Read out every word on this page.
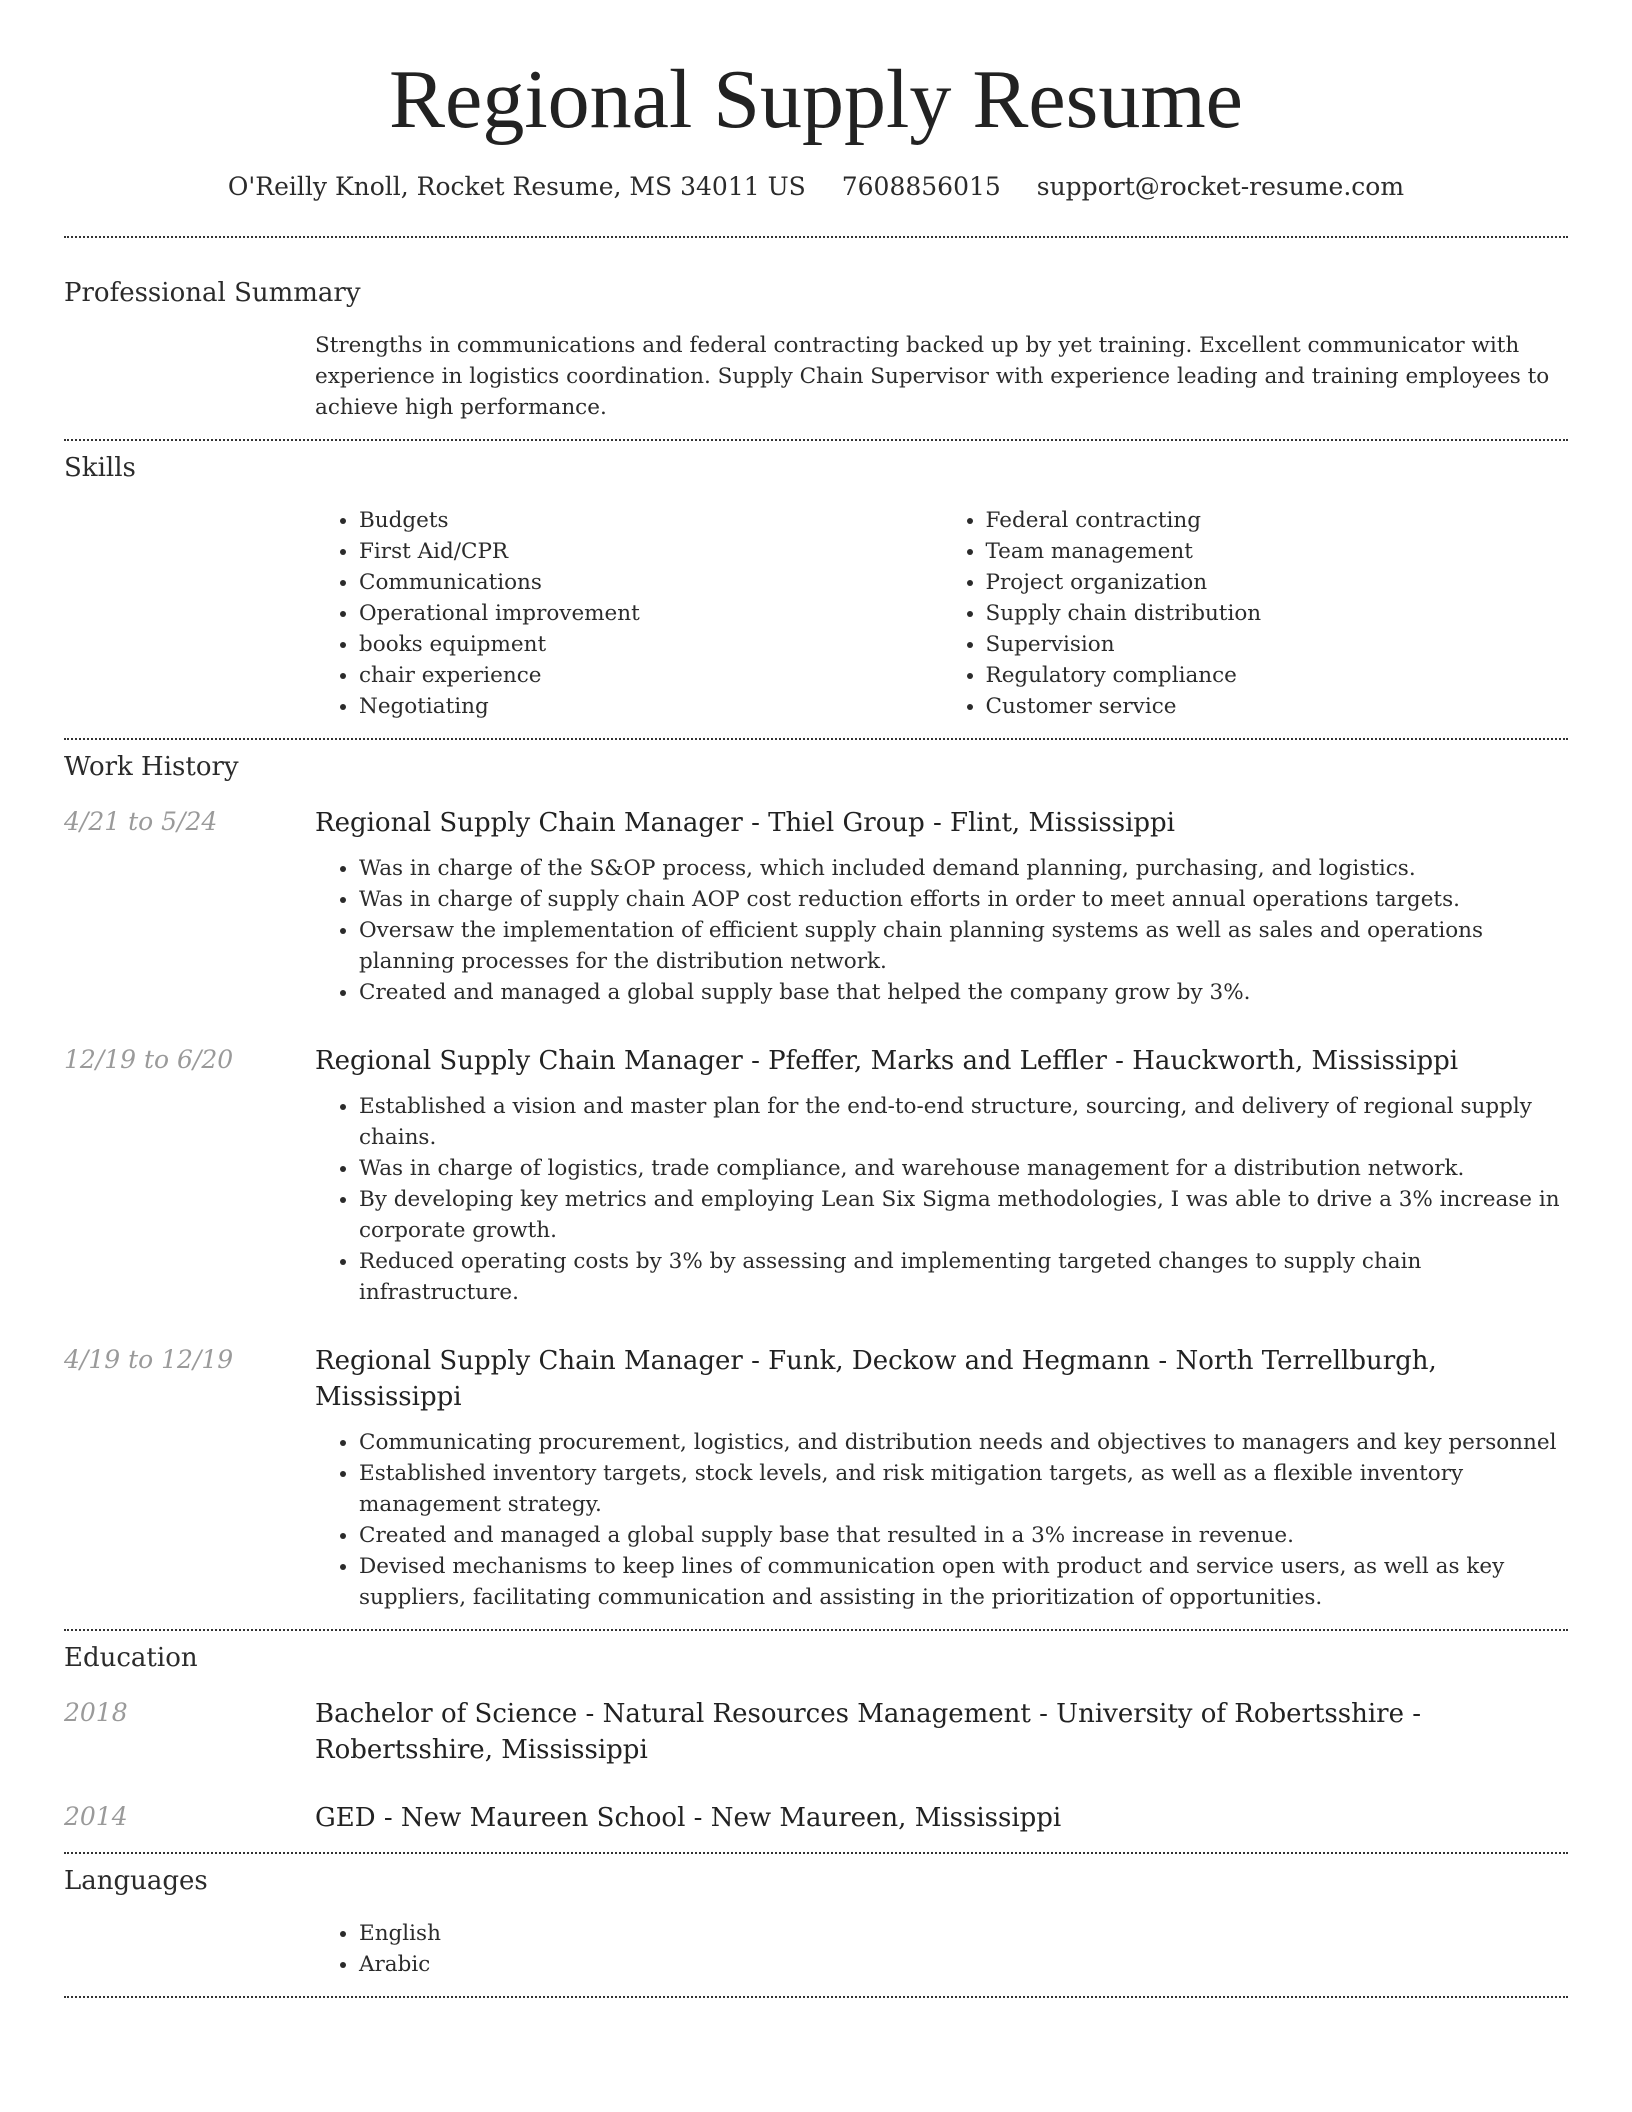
Regional Supply Resume
O'Reilly Knoll, Rocket Resume, MS 34011 US 7608856015 support@rocket-resume.com
Professional Summary
Strengths in communications and federal contracting backed up by yet training. Excellent communicator with experience in logistics coordination. Supply Chain Supervisor with experience leading and training employees to achieve high performance.
Skills
• Budgets
• First Aid/CPR
• Communications
• Operational improvement
• books equipment
• chair experience
• Negotiating
• Federal contracting
• Team management
• Project organization
• Supply chain distribution
• Supervision
• Regulatory compliance
• Customer service
Work History
4/21 to 5/24	Regional Supply Chain Manager - Thiel Group - Flint, Mississippi
• Was in charge of the S&OP process, which included demand planning, purchasing, and logistics.
• Was in charge of supply chain AOP cost reduction efforts in order to meet annual operations targets.
• Oversaw the implementation of efficient supply chain planning systems as well as sales and operations planning processes for the distribution network.
• Created and managed a global supply base that helped the company grow by 3%.
12/19 to 6/20	Regional Supply Chain Manager - Pfeffer, Marks and Leffler - Hauckworth, Mississippi
• Established a vision and master plan for the end-to-end structure, sourcing, and delivery of regional supply chains.
• Was in charge of logistics, trade compliance, and warehouse management for a distribution network.
• By developing key metrics and employing Lean Six Sigma methodologies, I was able to drive a 3% increase in corporate growth.
• Reduced operating costs by 3% by assessing and implementing targeted changes to supply chain infrastructure.
4/19 to 12/19	Regional Supply Chain Manager - Funk, Deckow and Hegmann - North Terrellburgh, Mississippi
• Communicating procurement, logistics, and distribution needs and objectives to managers and key personnel
• Established inventory targets, stock levels, and risk mitigation targets, as well as a flexible inventory management strategy.
• Created and managed a global supply base that resulted in a 3% increase in revenue.
• Devised mechanisms to keep lines of communication open with product and service users, as well as key suppliers, facilitating communication and assisting in the prioritization of opportunities.
Education
2018	Bachelor of Science - Natural Resources Management - University of Robertsshire - Robertsshire, Mississippi
2014	GED - New Maureen School - New Maureen, Mississippi
Languages
• English
• Arabic
